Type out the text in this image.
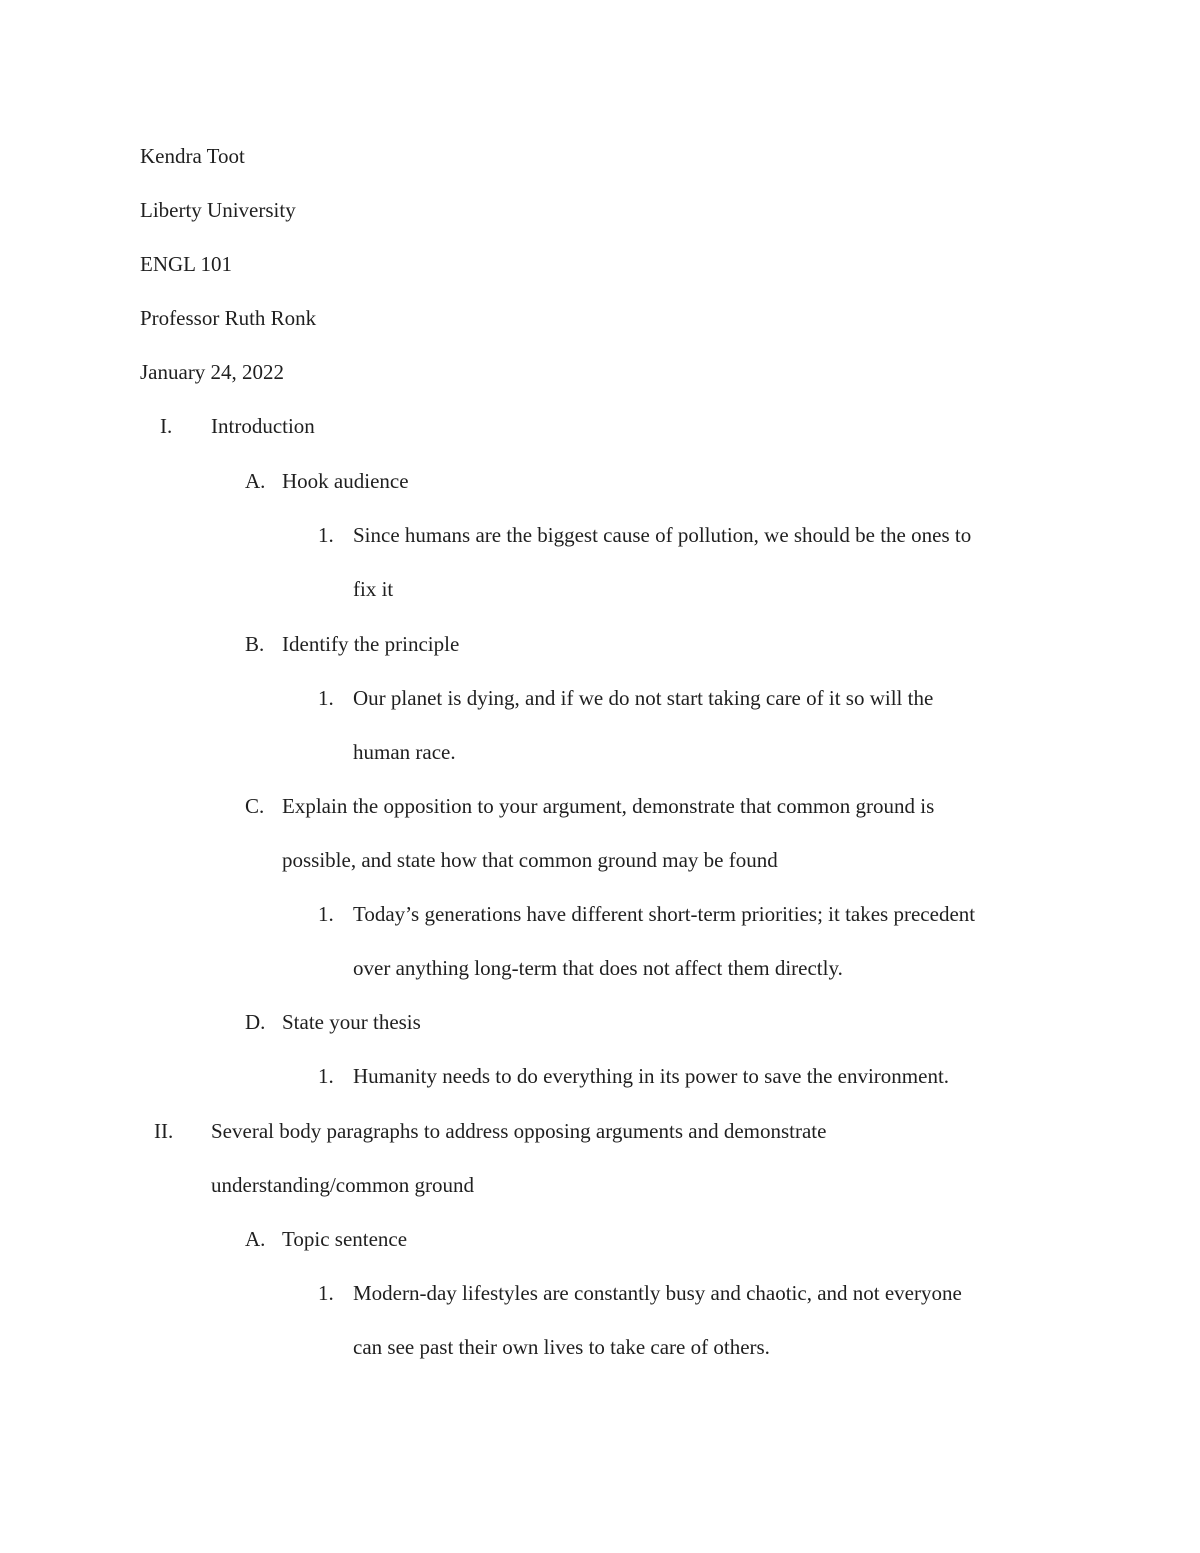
Kendra Toot
Liberty University
ENGL 101
Professor Ruth Ronk
January 24, 2022
I. Introduction
A. Hook audience
1. Since humans are the biggest cause of pollution, we should be the ones to
fix it
B. Identify the principle
1. Our planet is dying, and if we do not start taking care of it so will the
human race.
C. Explain the opposition to your argument, demonstrate that common ground is
possible, and state how that common ground may be found
1. Today’s generations have different short-term priorities; it takes precedent
over anything long-term that does not affect them directly.
D. State your thesis
1. Humanity needs to do everything in its power to save the environment.
II. Several body paragraphs to address opposing arguments and demonstrate
understanding/common ground
A. Topic sentence
1. Modern-day lifestyles are constantly busy and chaotic, and not everyone
can see past their own lives to take care of others.
